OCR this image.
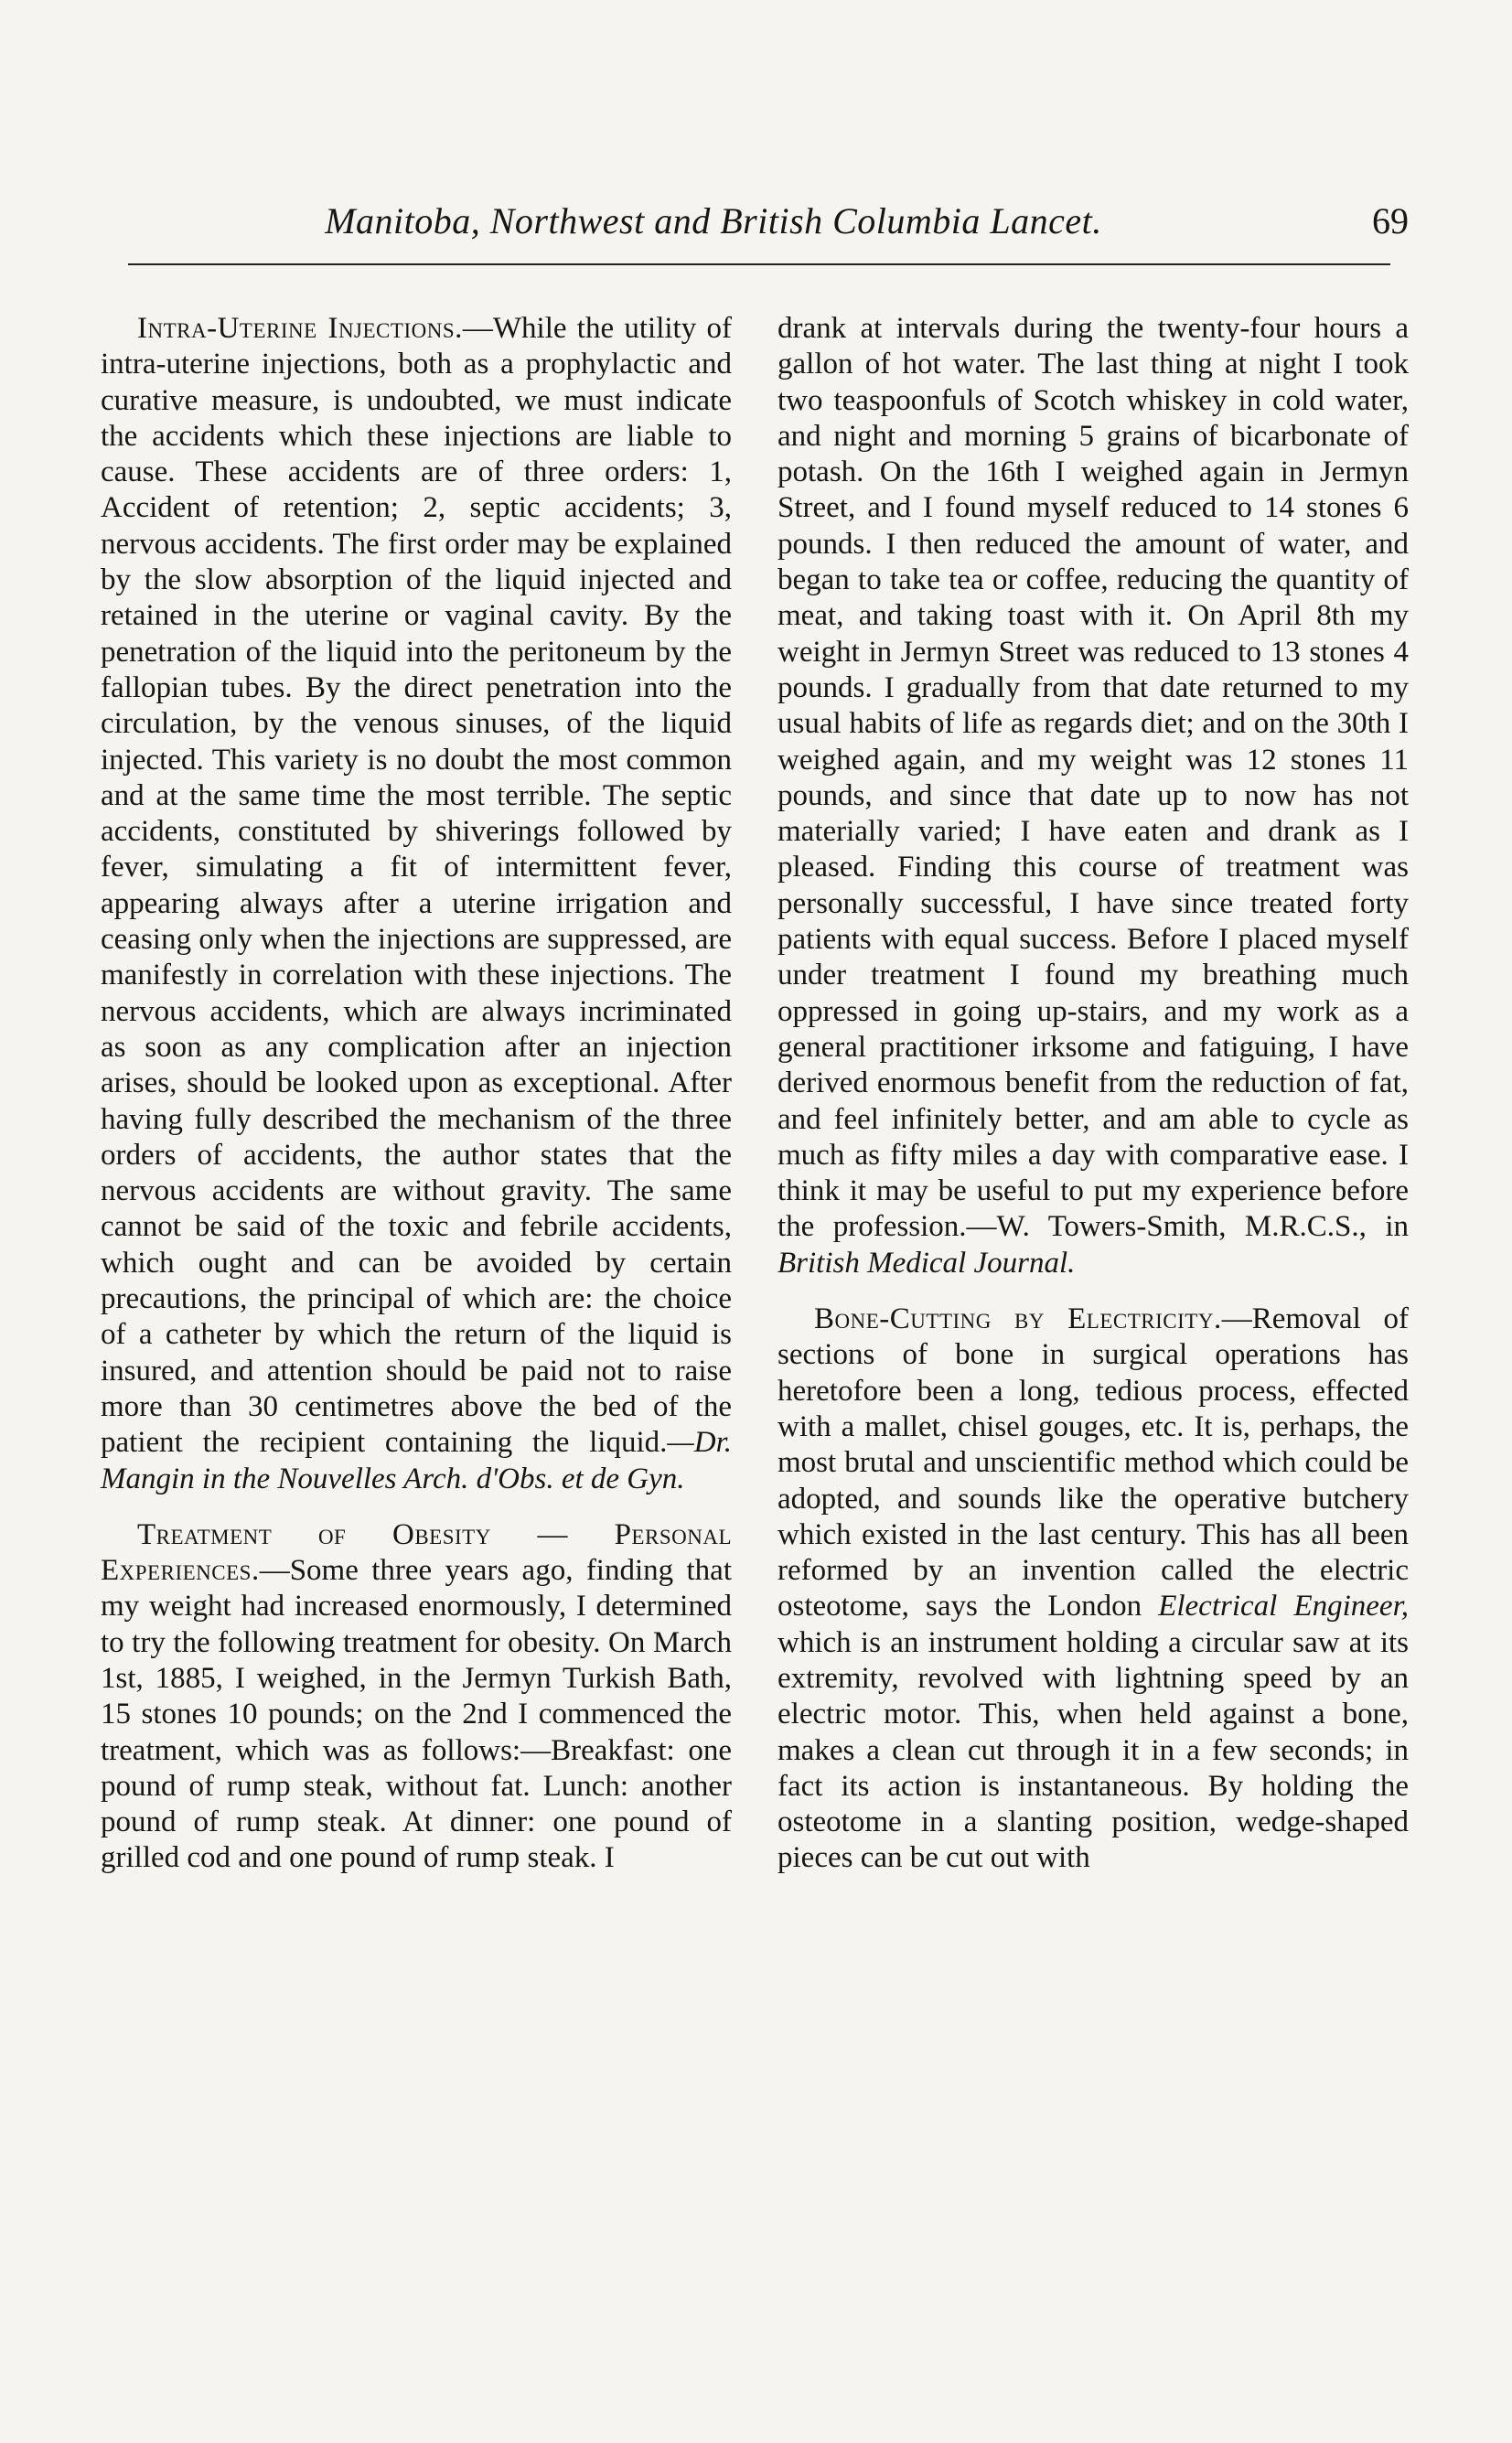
Manitoba, Northwest and British Columbia Lancet.	69

Intra-Uterine Injections.—While the utility of intra-uterine injections, both as a prophylactic and curative measure, is undoubted, we must indicate the accidents which these injections are liable to cause. These accidents are of three orders: 1, Accident of retention; 2, septic accidents; 3, nervous accidents. The first order may be explained by the slow absorption of the liquid injected and retained in the uterine or vaginal cavity. By the penetration of the liquid into the peritoneum by the fallopian tubes. By the direct penetration into the circulation, by the venous sinuses, of the liquid injected. This variety is no doubt the most common and at the same time the most terrible. The septic accidents, constituted by shiverings followed by fever, simulating a fit of intermittent fever, appearing always after a uterine irrigation and ceasing only when the injections are suppressed, are manifestly in correlation with these injections. The nervous accidents, which are always incriminated as soon as any complication after an injection arises, should be looked upon as exceptional. After having fully described the mechanism of the three orders of accidents, the author states that the nervous accidents are without gravity. The same cannot be said of the toxic and febrile accidents, which ought and can be avoided by certain precautions, the principal of which are: the choice of a catheter by which the return of the liquid is insured, and attention should be paid not to raise more than 30 centimetres above the bed of the patient the recipient containing the liquid.—Dr. Mangin in the Nouvelles Arch. d'Obs. et de Gyn.

Treatment of Obesity — Personal Experiences.—Some three years ago, finding that my weight had increased enormously, I determined to try the following treatment for obesity. On March 1st, 1885, I weighed, in the Jermyn Turkish Bath, 15 stones 10 pounds; on the 2nd I commenced the treatment, which was as follows:—Breakfast: one pound of rump steak, without fat. Lunch: another pound of rump steak. At dinner: one pound of grilled cod and one pound of rump steak. I

drank at intervals during the twenty-four hours a gallon of hot water. The last thing at night I took two teaspoonfuls of Scotch whiskey in cold water, and night and morning 5 grains of bicarbonate of potash. On the 16th I weighed again in Jermyn Street, and I found myself reduced to 14 stones 6 pounds. I then reduced the amount of water, and began to take tea or coffee, reducing the quantity of meat, and taking toast with it. On April 8th my weight in Jermyn Street was reduced to 13 stones 4 pounds. I gradually from that date returned to my usual habits of life as regards diet; and on the 30th I weighed again, and my weight was 12 stones 11 pounds, and since that date up to now has not materially varied; I have eaten and drank as I pleased. Finding this course of treatment was personally successful, I have since treated forty patients with equal success. Before I placed myself under treatment I found my breathing much oppressed in going up-stairs, and my work as a general practitioner irksome and fatiguing, I have derived enormous benefit from the reduction of fat, and feel infinitely better, and am able to cycle as much as fifty miles a day with comparative ease. I think it may be useful to put my experience before the profession.—W. Towers-Smith, M.R.C.S., in British Medical Journal.

Bone-Cutting by Electricity.—Removal of sections of bone in surgical operations has heretofore been a long, tedious process, effected with a mallet, chisel gouges, etc. It is, perhaps, the most brutal and unscientific method which could be adopted, and sounds like the operative butchery which existed in the last century. This has all been reformed by an invention called the electric osteotome, says the London Electrical Engineer, which is an instrument holding a circular saw at its extremity, revolved with lightning speed by an electric motor. This, when held against a bone, makes a clean cut through it in a few seconds; in fact its action is instantaneous. By holding the osteotome in a slanting position, wedge-shaped pieces can be cut out with
